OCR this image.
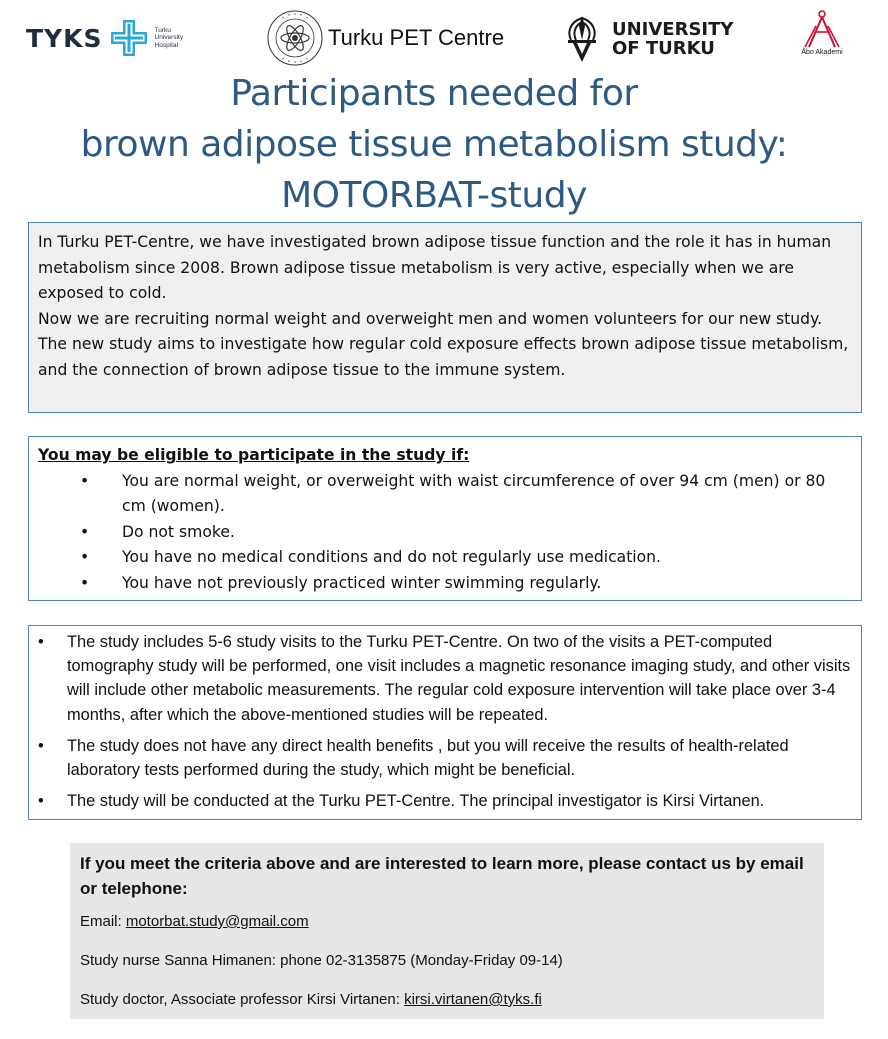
TYKS	Turku
University
Hospital	Turku PET Centre	UNIVERSITY
OF TURKU	Åbo Akademi
Participants needed for
brown adipose tissue metabolism study:
MOTORBAT-study

In Turku PET-Centre, we have investigated brown adipose tissue function and the role it has in human metabolism since 2008. Brown adipose tissue metabolism is very active, especially when we are exposed to cold.

Now we are recruiting normal weight and overweight men and women volunteers for our new study. The new study aims to investigate how regular cold exposure effects brown adipose tissue metabolism, and the connection of brown adipose tissue to the immune system.

You may be eligible to participate in the study if:
• You are normal weight, or overweight with waist circumference of over 94 cm (men) or 80 cm (women).
• Do not smoke.
• You have no medical conditions and do not regularly use medication.
• You have not previously practiced winter swimming regularly.
• The study includes 5-6 study visits to the Turku PET-Centre. On two of the visits a PET-computed tomography study will be performed, one visit includes a magnetic resonance imaging study, and other visits will include other metabolic measurements. The regular cold exposure intervention will take place over 3-4 months, after which the above-mentioned studies will be repeated.
• The study does not have any direct health benefits , but you will receive the results of health-related laboratory tests performed during the study, which might be beneficial.
• The study will be conducted at the Turku PET-Centre. The principal investigator is Kirsi Virtanen.

If you meet the criteria above and are interested to learn more, please contact us by email or telephone:

Email: motorbat.study@gmail.com

Study nurse Sanna Himanen: phone 02-3135875 (Monday-Friday 09-14)

Study doctor, Associate professor Kirsi Virtanen: kirsi.virtanen@tyks.fi
